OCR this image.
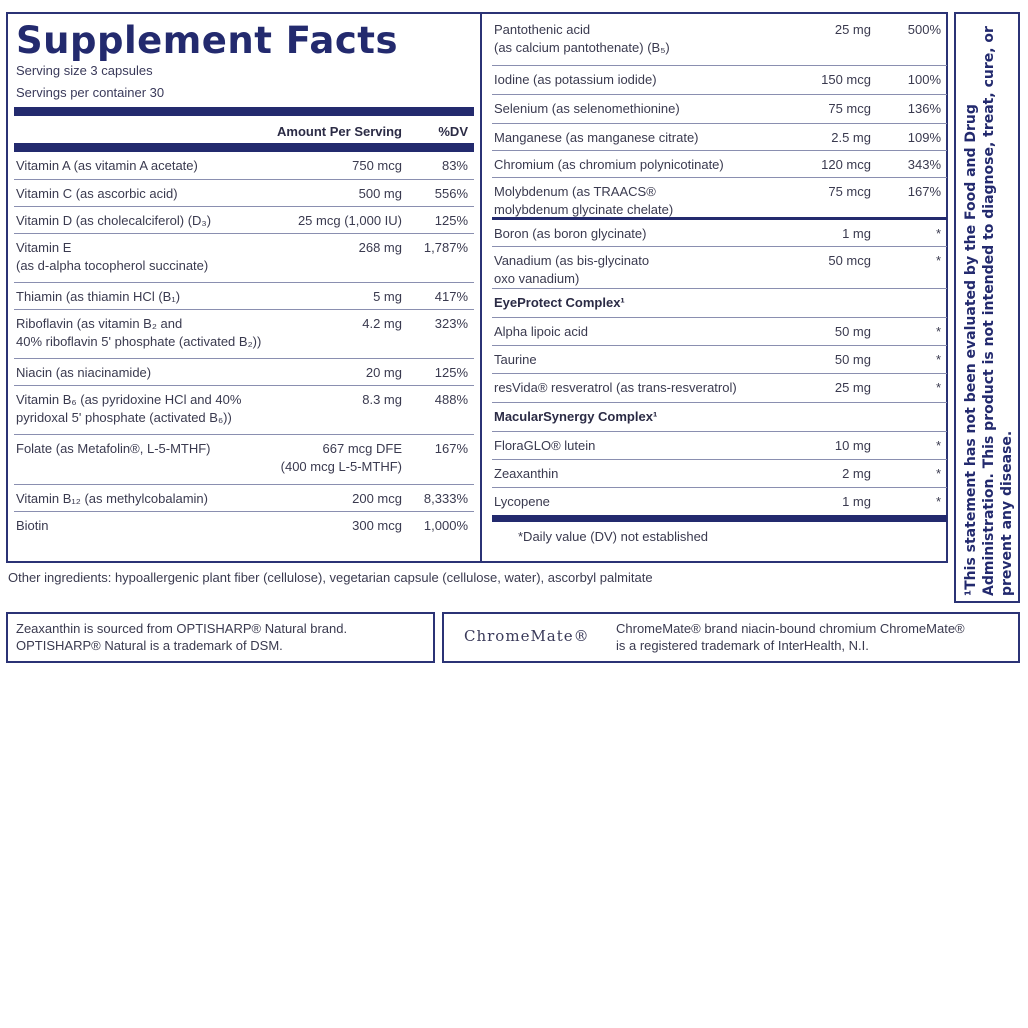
Supplement Facts
Serving size 3 capsules
Servings per container 30
Amount Per Serving	%DV
Vitamin A (as vitamin A acetate)	750 mcg	83%
Vitamin C (as ascorbic acid)	500 mg	556%
Vitamin D (as cholecalciferol) (D₃)	25 mcg (1,000 IU)	125%
Vitamin E
(as d-alpha tocopherol succinate)
268 mg 1,787%
Thiamin (as thiamin HCl (B₁)	5 mg	417%
Riboflavin (as vitamin B₂ and
40% riboflavin 5' phosphate (activated B₂))
4.2 mg	323%
Niacin (as niacinamide)	20 mg	125%
Vitamin B₆ (as pyridoxine HCl and 40%
pyridoxal 5' phosphate (activated B₆))
8.3 mg	488%
Folate (as Metafolin®, L-5-MTHF)	667 mcg DFE
(400 mcg L-5-MTHF)
167%
Vitamin B₁₂ (as methylcobalamin)	200 mcg 8,333%
Biotin	300 mcg 1,000%
Pantothenic acid
(as calcium pantothenate) (B₅)
25 mg	500%
Iodine (as potassium iodide)	150 mcg	100%
Selenium (as selenomethionine)	75 mcg	136%
Manganese (as manganese citrate)	2.5 mg	109%
Chromium (as chromium polynicotinate)	120 mcg	343%
Molybdenum (as TRAACS®
molybdenum glycinate chelate)
75 mcg	167%
Boron (as boron glycinate)	1 mg	*
Vanadium (as bis-glycinato
oxo vanadium)
50 mcg	*
EyeProtect Complex¹
Alpha lipoic acid	50 mg	*
Taurine	50 mg	*
resVida® resveratrol (as trans-resveratrol)	25 mg	*
MacularSynergy Complex¹
FloraGLO® lutein	10 mg	*
Zeaxanthin	2 mg	*
Lycopene	1 mg	*
*Daily value (DV) not established	¹This statement has not been evaluated by the Food and Drug Administration. This product is not intended to diagnose, treat, cure, or prevent any disease.
Other ingredients: hypoallergenic plant fiber (cellulose), vegetarian capsule (cellulose, water), ascorbyl palmitate
Zeaxanthin is sourced from OPTISHARP® Natural brand.
OPTISHARP® Natural is a trademark of DSM.
ChromeMate® ChromeMate® brand niacin-bound chromium ChromeMate®
is a registered trademark of InterHealth, N.I.
